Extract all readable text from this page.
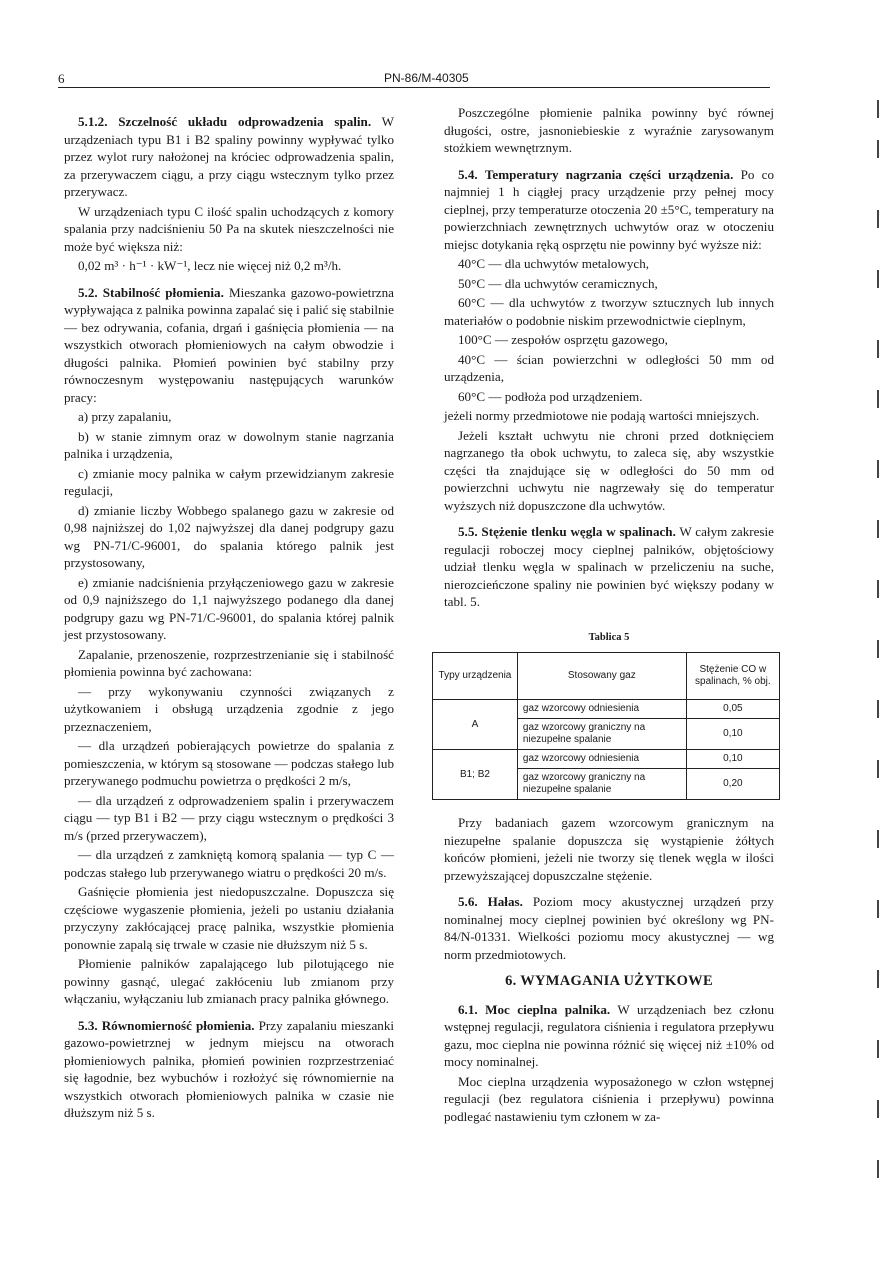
6	PN-86/M-40305

5.1.2. Szczelność układu odprowadzenia spalin. W urządzeniach typu B1 i B2 spaliny powinny wypływać tylko przez wylot rury nałożonej na króciec odprowadzenia spalin, za przerywaczem ciągu, a przy ciągu wstecznym tylko przez przerywacz.

W urządzeniach typu C ilość spalin uchodzących z komory spalania przy nadciśnieniu 50 Pa na skutek nieszczelności nie może być większa niż:

0,02 m³ · h⁻¹ · kW⁻¹, lecz nie więcej niż 0,2 m³/h.

5.2. Stabilność płomienia. Mieszanka gazowo-powietrzna wypływająca z palnika powinna zapalać się i palić się stabilnie — bez odrywania, cofania, drgań i gaśnięcia płomienia — na wszystkich otworach płomieniowych na całym obwodzie i długości palnika. Płomień powinien być stabilny przy równoczesnym występowaniu następujących warunków pracy:

a) przy zapalaniu,

b) w stanie zimnym oraz w dowolnym stanie nagrzania palnika i urządzenia,

c) zmianie mocy palnika w całym przewidzianym zakresie regulacji,

d) zmianie liczby Wobbego spalanego gazu w zakresie od 0,98 najniższej do 1,02 najwyższej dla danej podgrupy gazu wg PN-71/C-96001, do spalania którego palnik jest przystosowany,

e) zmianie nadciśnienia przyłączeniowego gazu w zakresie od 0,9 najniższego do 1,1 najwyższego podanego dla danej podgrupy gazu wg PN-71/C-96001, do spalania której palnik jest przystosowany.

Zapalanie, przenoszenie, rozprzestrzenianie się i stabilność płomienia powinna być zachowana:

— przy wykonywaniu czynności związanych z użytkowaniem i obsługą urządzenia zgodnie z jego przeznaczeniem,

— dla urządzeń pobierających powietrze do spalania z pomieszczenia, w którym są stosowane — podczas stałego lub przerywanego podmuchu powietrza o prędkości 2 m/s,

— dla urządzeń z odprowadzeniem spalin i przerywaczem ciągu — typ B1 i B2 — przy ciągu wstecznym o prędkości 3 m/s (przed przerywaczem),

— dla urządzeń z zamkniętą komorą spalania — typ C — podczas stałego lub przerywanego wiatru o prędkości 20 m/s.

Gaśnięcie płomienia jest niedopuszczalne. Dopuszcza się częściowe wygaszenie płomienia, jeżeli po ustaniu działania przyczyny zakłócającej pracę palnika, wszystkie płomienia ponownie zapalą się trwale w czasie nie dłuższym niż 5 s.

Płomienie palników zapalającego lub pilotującego nie powinny gasnąć, ulegać zakłóceniu lub zmianom przy włączaniu, wyłączaniu lub zmianach pracy palnika głównego.

5.3. Równomierność płomienia. Przy zapalaniu mieszanki gazowo-powietrznej w jednym miejscu na otworach płomieniowych palnika, płomień powinien rozprzestrzeniać się łagodnie, bez wybuchów i rozłożyć się równomiernie na wszystkich otworach płomieniowych palnika w czasie nie dłuższym niż 5 s.

Poszczególne płomienie palnika powinny być równej długości, ostre, jasnoniebieskie z wyraźnie zarysowanym stożkiem wewnętrznym.

5.4. Temperatury nagrzania części urządzenia. Po co najmniej 1 h ciągłej pracy urządzenie przy pełnej mocy cieplnej, przy temperaturze otoczenia 20 ±5°C, temperatury na powierzchniach zewnętrznych uchwytów oraz w otoczeniu miejsc dotykania ręką osprzętu nie powinny być wyższe niż:

40°C — dla uchwytów metalowych,

50°C — dla uchwytów ceramicznych,

60°C — dla uchwytów z tworzyw sztucznych lub innych materiałów o podobnie niskim przewodnictwie cieplnym,

100°C — zespołów osprzętu gazowego,

40°C — ścian powierzchni w odległości 50 mm od urządzenia,

60°C — podłoża pod urządzeniem.

jeżeli normy przedmiotowe nie podają wartości mniejszych.

Jeżeli kształt uchwytu nie chroni przed dotknięciem nagrzanego tła obok uchwytu, to zaleca się, aby wszystkie części tła znajdujące się w odległości do 50 mm od powierzchni uchwytu nie nagrzewały się do temperatur wyższych niż dopuszczone dla uchwytów.

5.5. Stężenie tlenku węgla w spalinach. W całym zakresie regulacji roboczej mocy cieplnej palników, objętościowy udział tlenku węgla w spalinach w przeliczeniu na suche, nierozcieńczone spaliny nie powinien być większy podany w tabl. 5.

Tablica 5
Typy urządzenia	Stosowany gaz	Stężenie CO w spalinach, % obj.
A	gaz wzorcowy odniesienia	0,05
	gaz wzorcowy graniczny na niezupełne spalanie	0,10
B1; B2	gaz wzorcowy odniesienia	0,10
	gaz wzorcowy graniczny na niezupełne spalanie	0,20

Przy badaniach gazem wzorcowym granicznym na niezupełne spalanie dopuszcza się wystąpienie żółtych końców płomieni, jeżeli nie tworzy się tlenek węgla w ilości przewyższającej dopuszczalne stężenie.

5.6. Hałas. Poziom mocy akustycznej urządzeń przy nominalnej mocy cieplnej powinien być określony wg PN-84/N-01331. Wielkości poziomu mocy akustycznej — wg norm przedmiotowych.

6. WYMAGANIA UŻYTKOWE

6.1. Moc cieplna palnika. W urządzeniach bez członu wstępnej regulacji, regulatora ciśnienia i regulatora przepływu gazu, moc cieplna nie powinna różnić się więcej niż ±10% od mocy nominalnej.

Moc cieplna urządzenia wyposażonego w człon wstępnej regulacji (bez regulatora ciśnienia i przepływu) powinna podlegać nastawieniu tym członem w za-
